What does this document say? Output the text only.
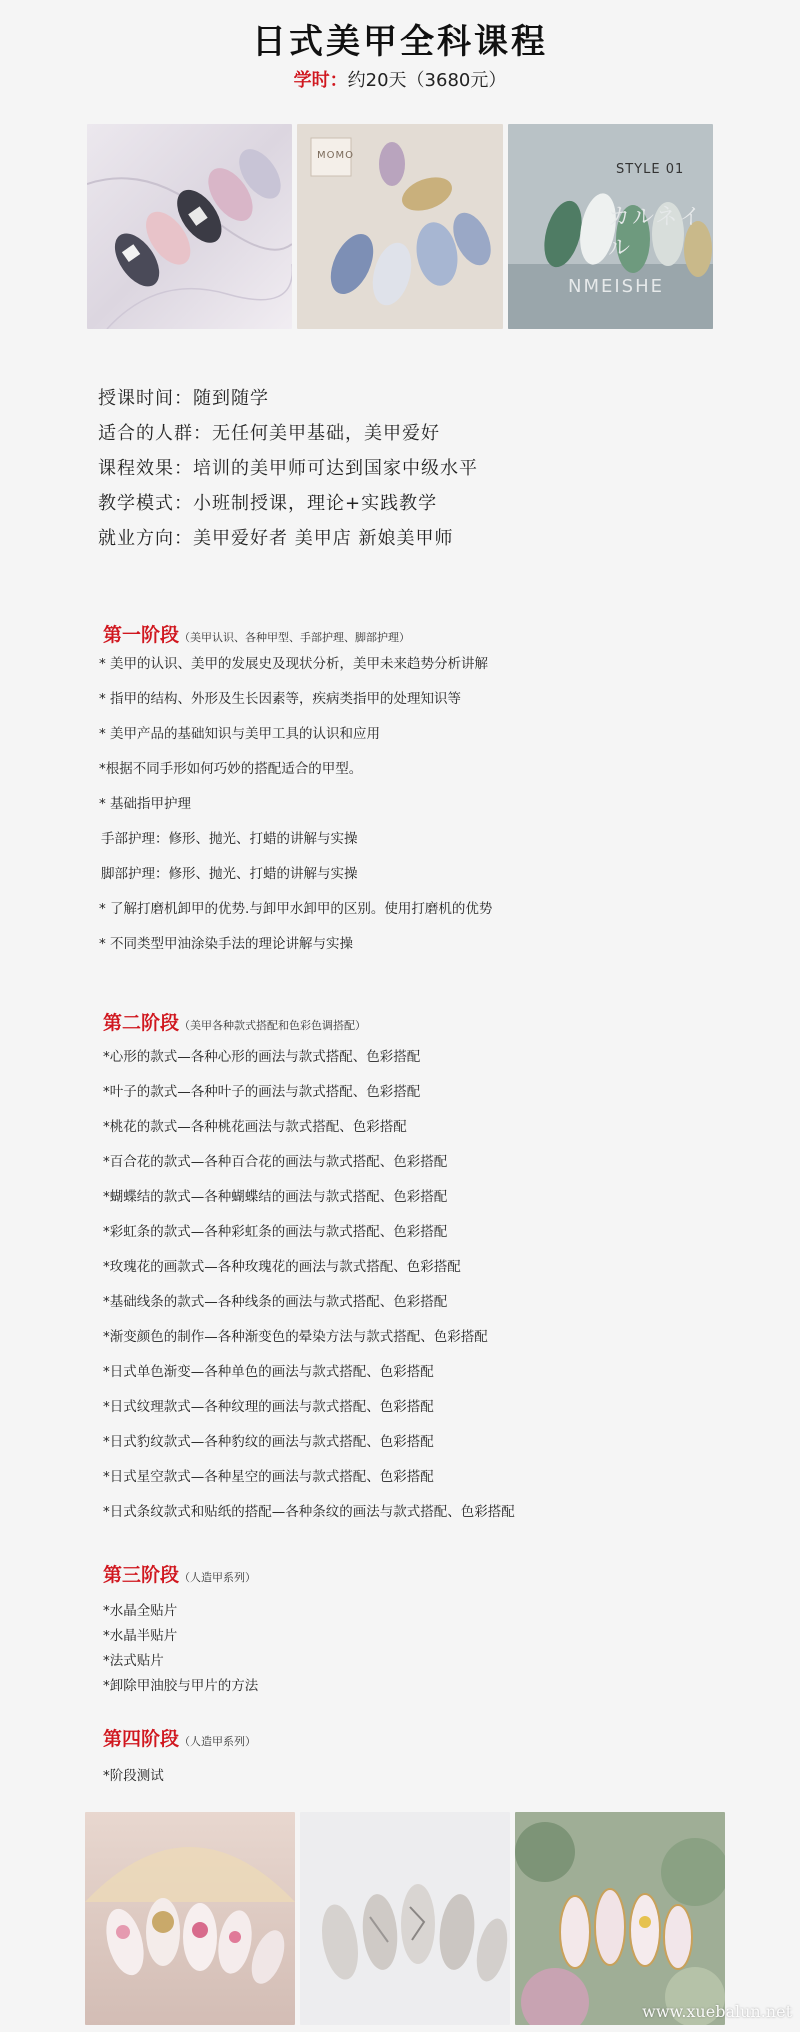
日式美甲全科课程
学时：约20天（3680元）
MOMO
STYLE 01
カルネイル
NMEISHE
授课时间：随到随学
适合的人群：无任何美甲基础，美甲爱好
课程效果：培训的美甲师可达到国家中级水平
教学模式：小班制授课，理论+实践教学
就业方向：美甲爱好者 美甲店 新娘美甲师
第一阶段（美甲认识、各种甲型、手部护理、脚部护理）
* 美甲的认识、美甲的发展史及现状分析，美甲未来趋势分析讲解
* 指甲的结构、外形及生长因素等，疾病类指甲的处理知识等
* 美甲产品的基础知识与美甲工具的认识和应用
*根据不同手形如何巧妙的搭配适合的甲型。
* 基础指甲护理
手部护理：修形、抛光、打蜡的讲解与实操
脚部护理：修形、抛光、打蜡的讲解与实操
* 了解打磨机卸甲的优势.与卸甲水卸甲的区别。使用打磨机的优势
* 不同类型甲油涂染手法的理论讲解与实操
第二阶段（美甲各种款式搭配和色彩色调搭配）
*心形的款式—各种心形的画法与款式搭配、色彩搭配
*叶子的款式—各种叶子的画法与款式搭配、色彩搭配
*桃花的款式—各种桃花画法与款式搭配、色彩搭配
*百合花的款式—各种百合花的画法与款式搭配、色彩搭配
*蝴蝶结的款式—各种蝴蝶结的画法与款式搭配、色彩搭配
*彩虹条的款式—各种彩虹条的画法与款式搭配、色彩搭配
*玫瑰花的画款式—各种玫瑰花的画法与款式搭配、色彩搭配
*基础线条的款式—各种线条的画法与款式搭配、色彩搭配
*渐变颜色的制作—各种渐变色的晕染方法与款式搭配、色彩搭配
*日式单色渐变—各种单色的画法与款式搭配、色彩搭配
*日式纹理款式—各种纹理的画法与款式搭配、色彩搭配
*日式豹纹款式—各种豹纹的画法与款式搭配、色彩搭配
*日式星空款式—各种星空的画法与款式搭配、色彩搭配
*日式条纹款式和贴纸的搭配—各种条纹的画法与款式搭配、色彩搭配
第三阶段（人造甲系列）
*水晶全贴片
*水晶半贴片
*法式贴片
*卸除甲油胶与甲片的方法
第四阶段（人造甲系列）
*阶段测试
www.xuebalun.net
